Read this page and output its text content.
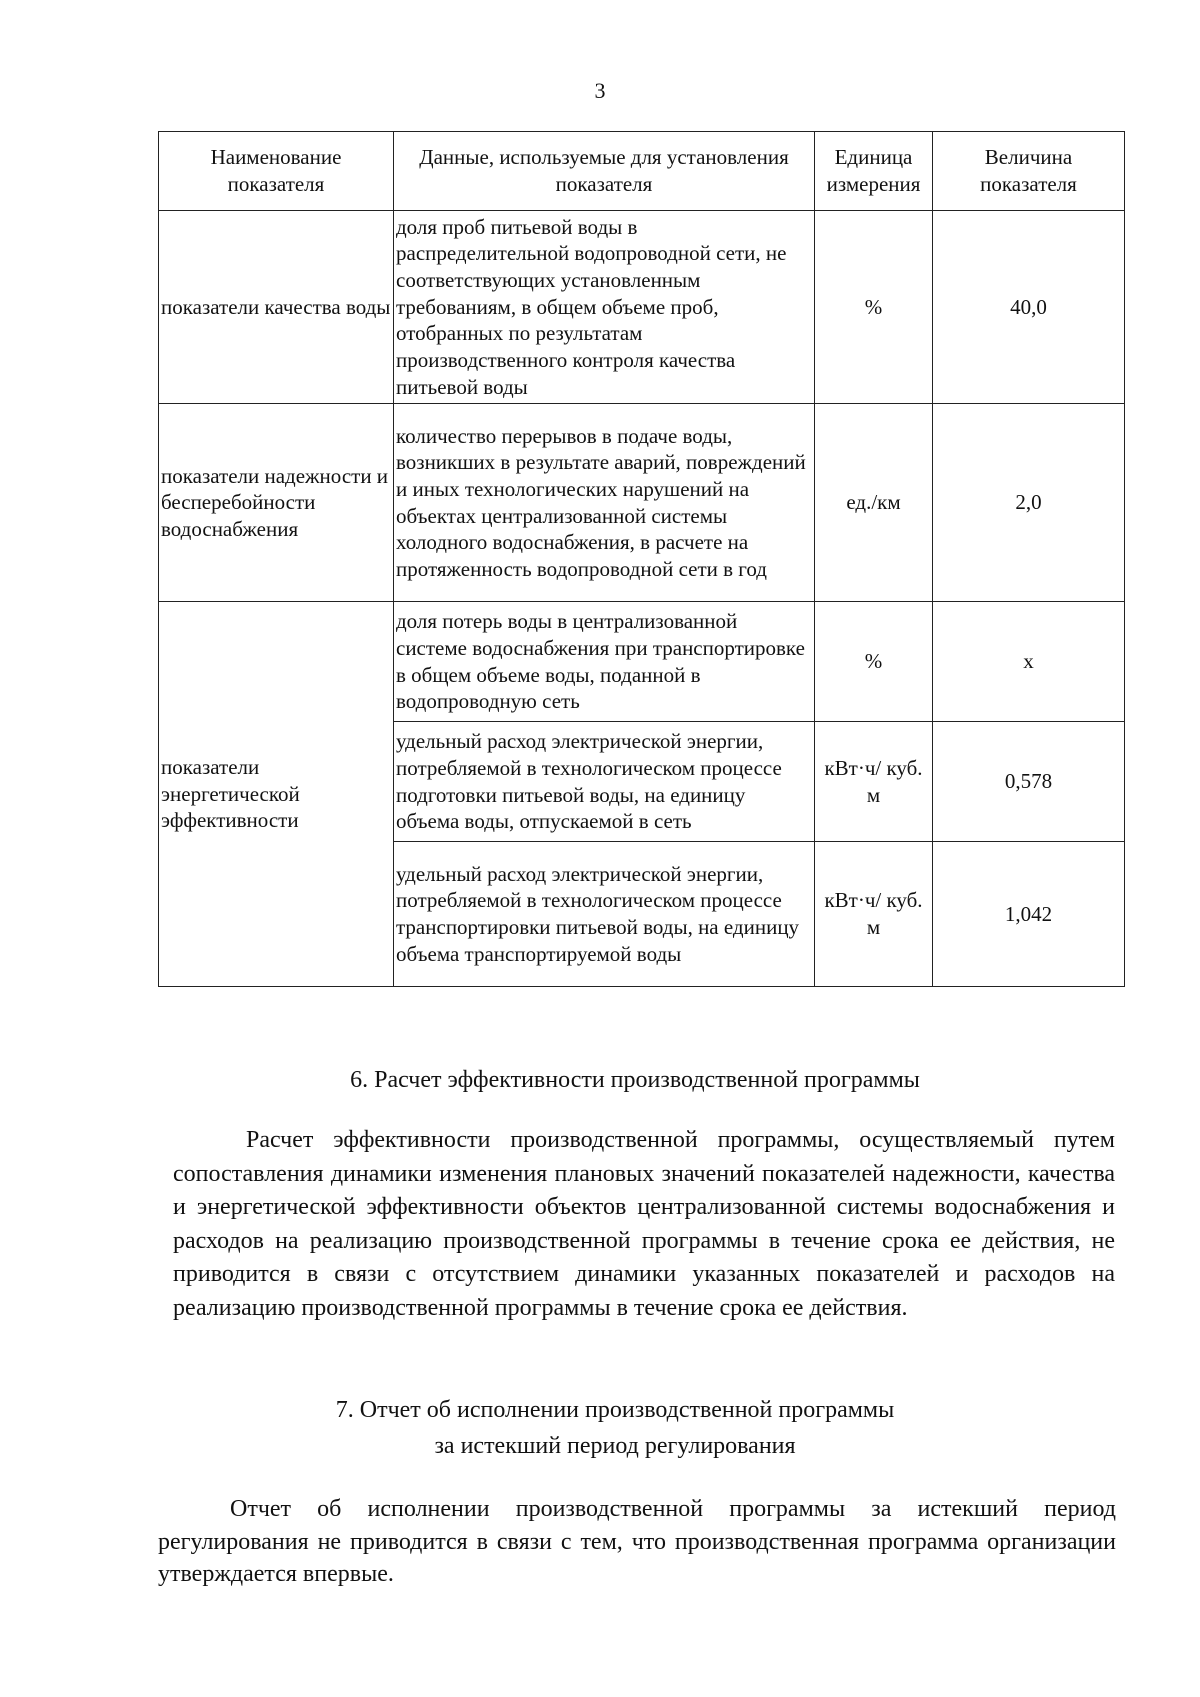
3
Наименование показателя	Данные, используемые для установления показателя	Единица измерения	Величина показателя
показатели качества воды	доля проб питьевой воды в распределительной водопроводной сети, не соответствующих установленным требованиям, в общем объеме проб, отобранных по результатам производственного контроля качества питьевой воды	%	40,0
показатели надежности и бесперебойности водоснабжения	количество перерывов в подаче воды, возникших в результате аварий, повреждений и иных технологических нарушений на объектах централизованной системы холодного водоснабжения, в расчете на протяженность водопроводной сети в год	ед./км	2,0
показатели энергетической эффективности	доля потерь воды в централизованной системе водоснабжения при транспортировке в общем объеме воды, поданной в водопроводную сеть	%	х
	удельный расход электрической энергии, потребляемой в технологическом процессе подготовки питьевой воды, на единицу объема воды, отпускаемой в сеть	кВт·ч/ куб. м	0,578
	удельный расход электрической энергии, потребляемой в технологическом процессе транспортировки питьевой воды, на единицу объема транспортируемой воды	кВт·ч/ куб. м	1,042
6. Расчет эффективности производственной программы

Расчет эффективности производственной программы, осуществляемый путем сопоставления динамики изменения плановых значений показателей надежности, качества и энергетической эффективности объектов централизованной системы водоснабжения и расходов на реализацию производственной программы в течение срока ее действия, не приводится в связи с отсутствием динамики указанных показателей и расходов на реализацию производственной программы в течение срока ее действия.

7. Отчет об исполнении производственной программы
за истекший период регулирования

Отчет об исполнении производственной программы за истекший период регулирования не приводится в связи с тем, что производственная программа организации утверждается впервые.
